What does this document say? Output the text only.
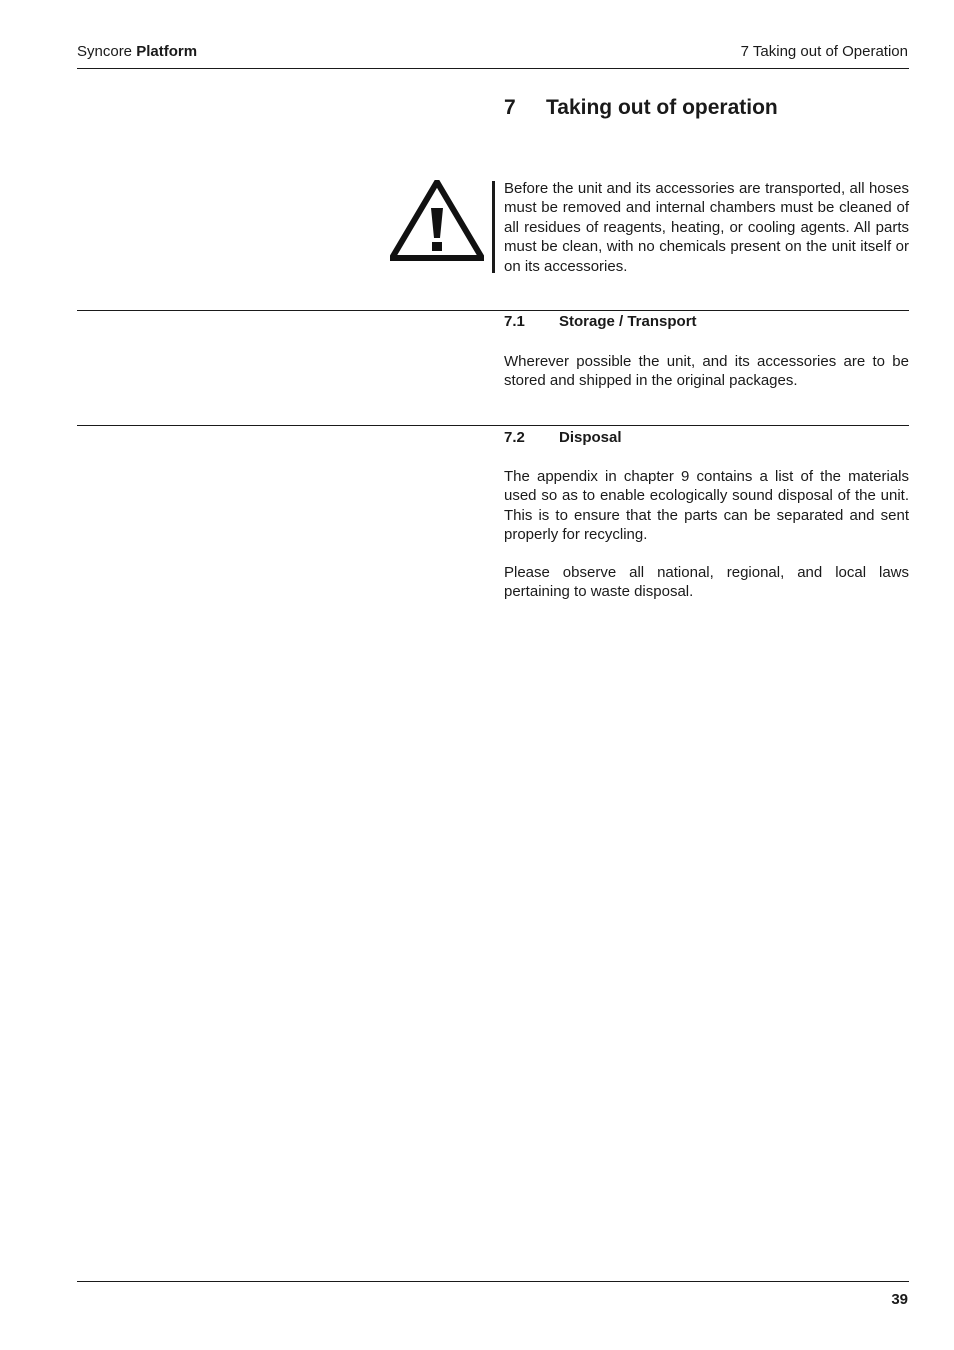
Syncore Platform	7 Taking out of Operation
7 Taking out of operation

Before the unit and its accessories are transported, all hoses must be removed and internal chambers must be cleaned of all residues of reagents, heating, or cooling agents. All parts must be clean, with no chemicals present on the unit itself or on its accessories.

7.1 Storage / Transport

Wherever possible the unit, and its accessories are to be stored and shipped in the original packages.

7.2 Disposal

The appendix in chapter 9 contains a list of the materials used so as to enable ecologically sound disposal of the unit. This is to ensure that the parts can be separated and sent properly for recycling.

Please observe all national, regional, and local laws pertaining to waste disposal.

39
